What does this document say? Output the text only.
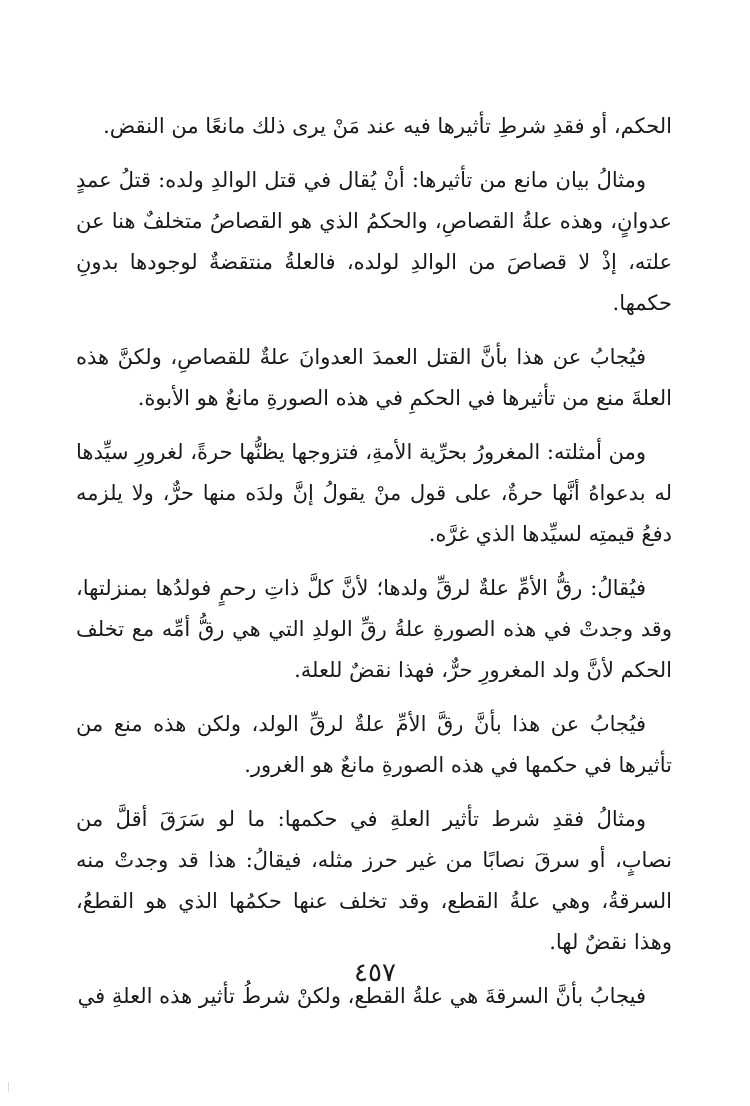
الحكم، أو فقدِ شرطِ تأثيرها فيه عند مَنْ يرى ذلك مانعًا من النقض.

ومثالُ بيان مانع من تأثيرها: أنْ يُقال في قتل الوالدِ ولده: قتلُ عمدٍ عدوانٍ، وهذه علةُ القصاصِ، والحكمُ الذي هو القصاصُ متخلفٌ هنا عن علته، إذْ لا قصاصَ من الوالدِ لولده، فالعلةُ منتقضةٌ لوجودها بدونِ حكمها.

فيُجابُ عن هذا بأنَّ القتل العمدَ العدوانَ علةٌ للقصاصِ، ولكنَّ هذه العلةَ منع من تأثيرها في الحكمِ في هذه الصورةِ مانعٌ هو الأبوة.

ومن أمثلته: المغرورُ بحرِّية الأمةِ، فتزوجها يظنُّها حرةً، لغرورِ سيِّدها له بدعواهُ أنَّها حرةٌ، على قول منْ يقولُ إنَّ ولدَه منها حرٌّ، ولا يلزمه دفعُ قيمتِه لسيِّدها الذي غرَّه.

فيُقالُ: رقُّ الأمِّ علةٌ لرقِّ ولدها؛ لأنَّ كلَّ ذاتِ رحمٍ فولدُها بمنزلتها، وقد وجدتْ في هذه الصورةِ علةُ رقِّ الولدِ التي هي رقُّ أمِّه مع تخلف الحكم لأنَّ ولد المغرورِ حرٌّ، فهذا نقضٌ للعلة.

فيُجابُ عن هذا بأنَّ رقَّ الأمِّ علةٌ لرقِّ الولد، ولكن هذه منع من تأثيرها في حكمها في هذه الصورةِ مانعٌ هو الغرور.

ومثالُ فقدِ شرط تأثير العلةِ في حكمها: ما لو سَرَقَ أقلَّ من نصابٍ، أو سرقَ نصابًا من غير حرز مثله، فيقالُ: هذا قد وجدتْ منه السرقةُ، وهي علةُ القطع، وقد تخلف عنها حكمُها الذي هو القطعُ، وهذا نقضٌ لها.

فيجابُ بأنَّ السرقةَ هي علةُ القطع، ولكنْ شرطُ تأثير هذه العلةِ في

٤٥٧
